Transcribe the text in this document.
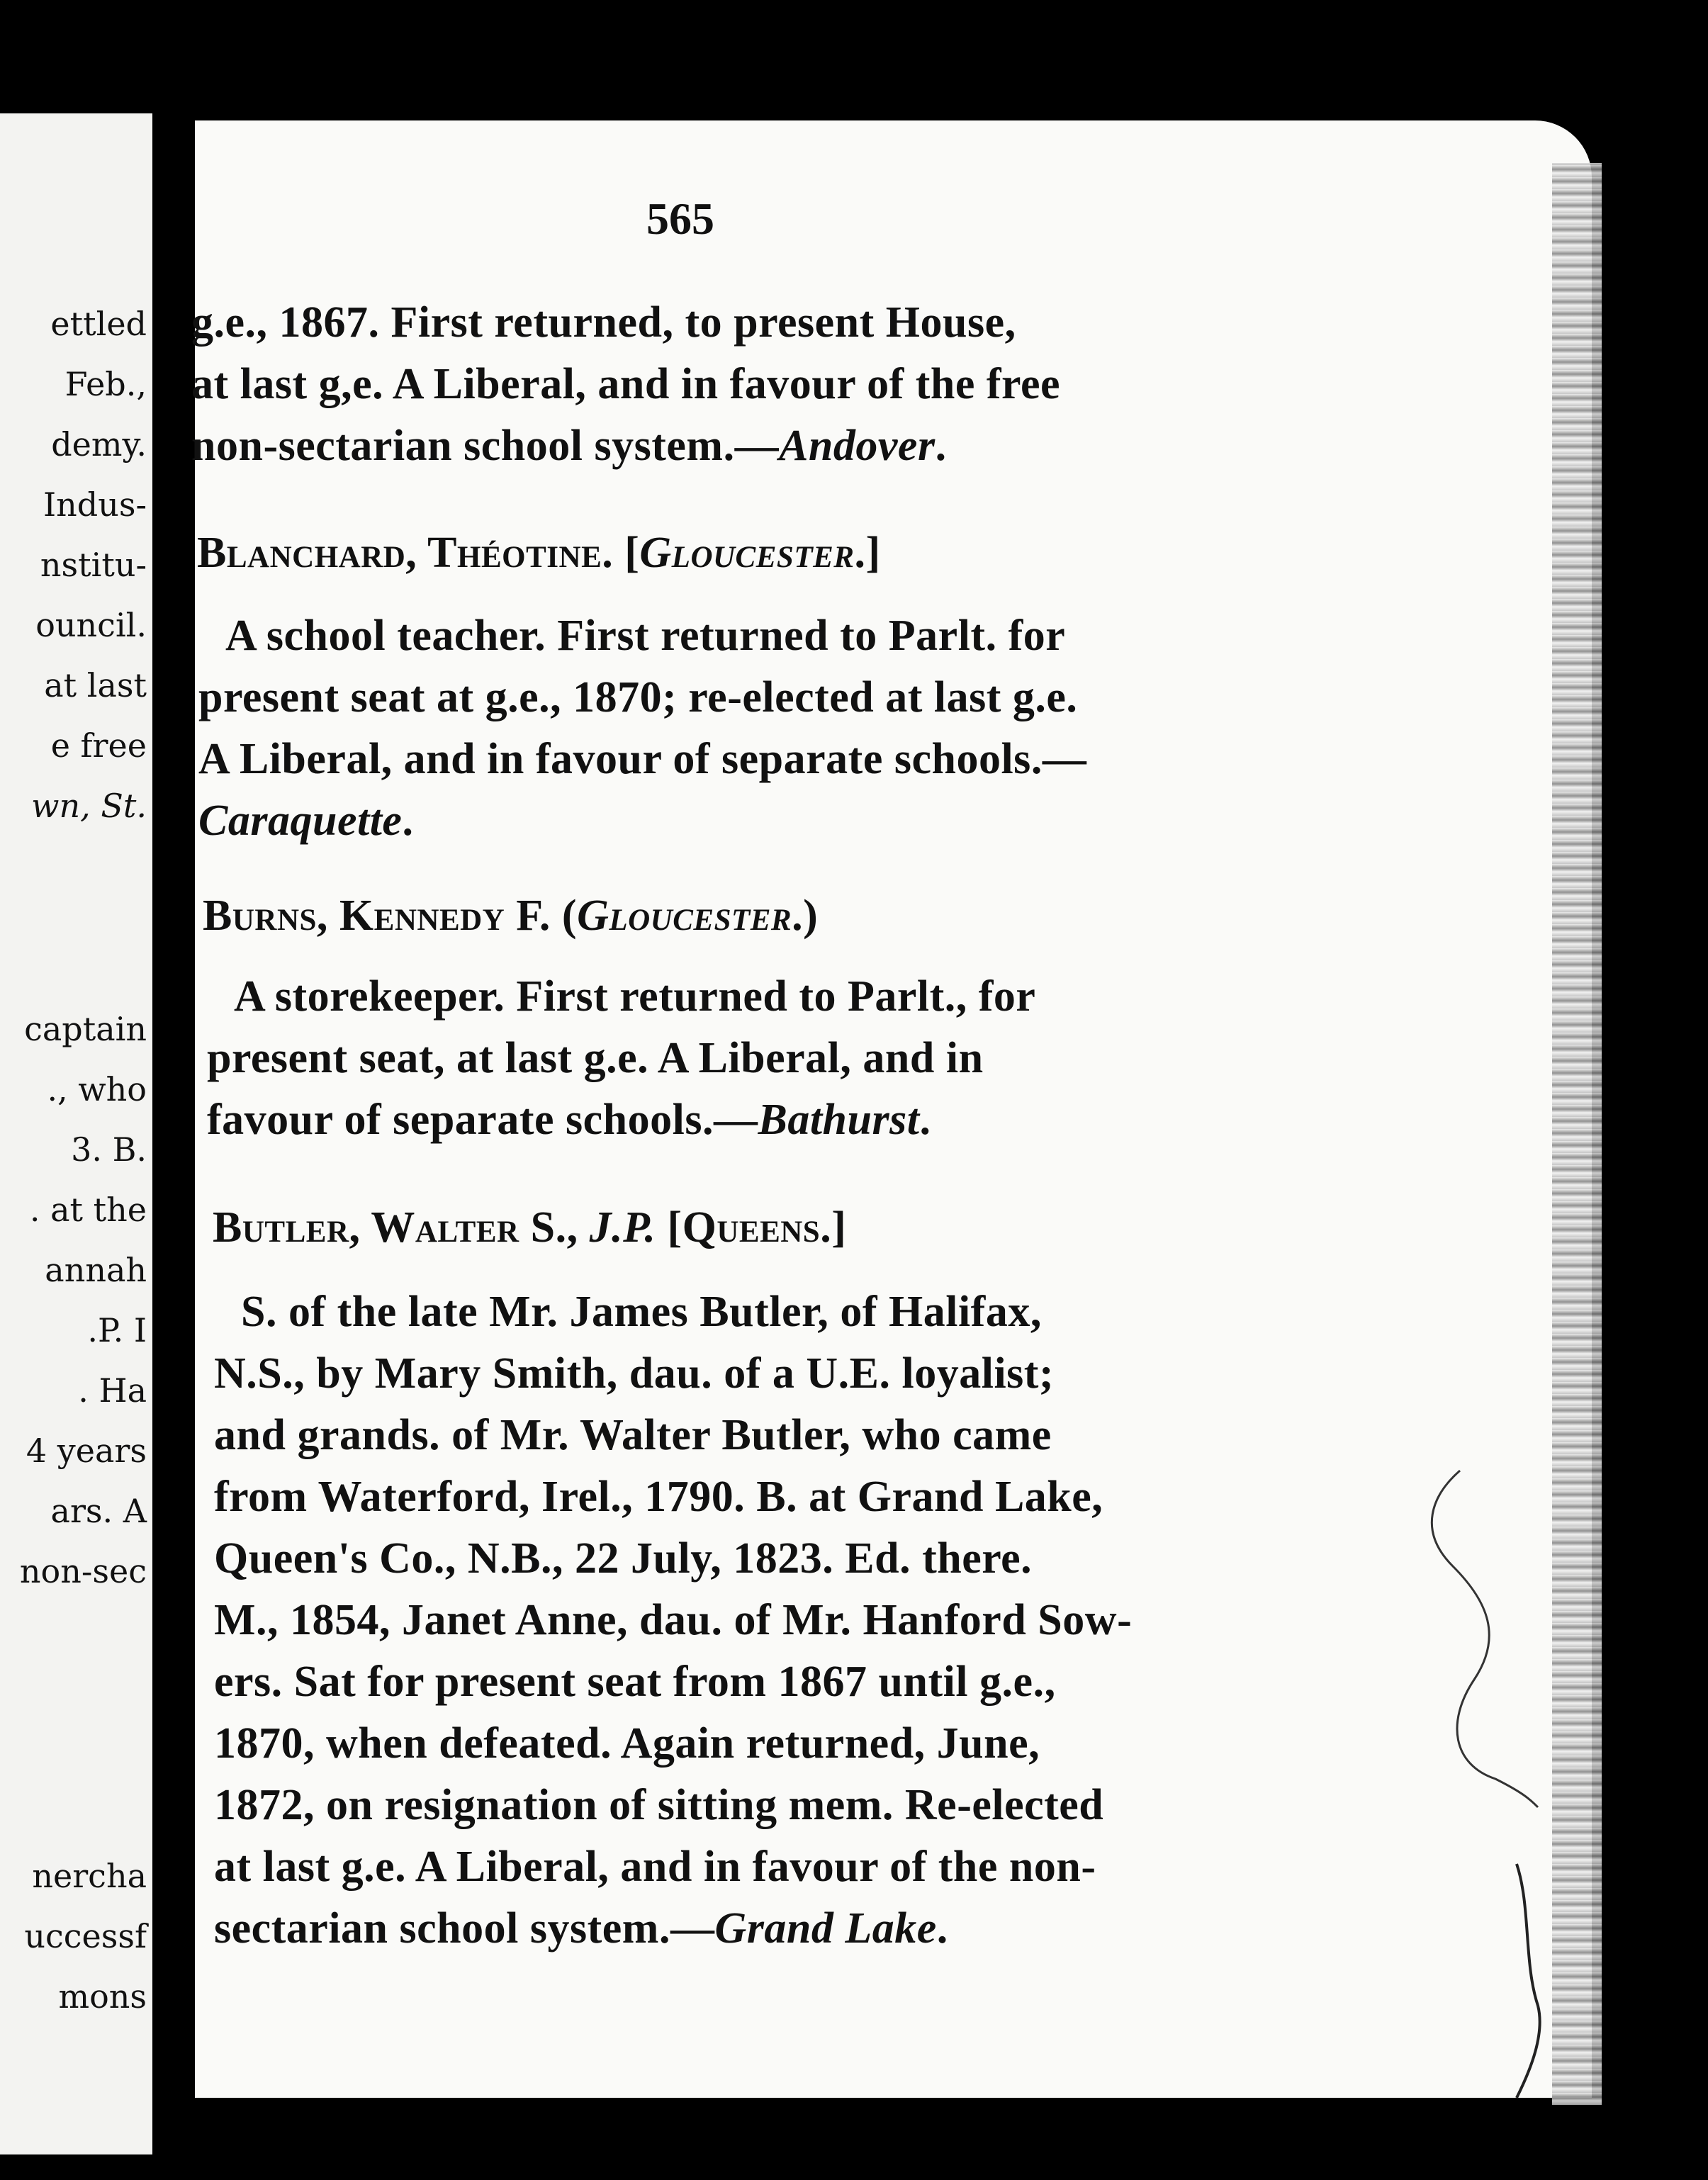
ettled
Feb.,
demy.
Indus-
nstitu-
ouncil.
at last
e free
wn, St.
captain
., who
3. B.
. at the
annah
.P. I
. Ha
4 years
ars. A
non-sec
nercha
uccessf
mons
565
g.e., 1867. First returned, to present House,
at last g,e. A Liberal, and in favour of the free
non-sectarian school system.—Andover.
Blanchard, Théotine. [Gloucester.]
A school teacher. First returned to Parlt. for
present seat at g.e., 1870; re-elected at last g.e.
A Liberal, and in favour of separate schools.—
Caraquette.
Burns, Kennedy F. (Gloucester.)
A storekeeper. First returned to Parlt., for
present seat, at last g.e. A Liberal, and in
favour of separate schools.—Bathurst.
Butler, Walter S., J.P. [Queens.]
S. of the late Mr. James Butler, of Halifax,
N.S., by Mary Smith, dau. of a U.E. loyalist;
and grands. of Mr. Walter Butler, who came
from Waterford, Irel., 1790. B. at Grand Lake,
Queen's Co., N.B., 22 July, 1823. Ed. there.
M., 1854, Janet Anne, dau. of Mr. Hanford Sow-
ers. Sat for present seat from 1867 until g.e.,
1870, when defeated. Again returned, June,
1872, on resignation of sitting mem. Re-elected
at last g.e. A Liberal, and in favour of the non-
sectarian school system.—Grand Lake.
